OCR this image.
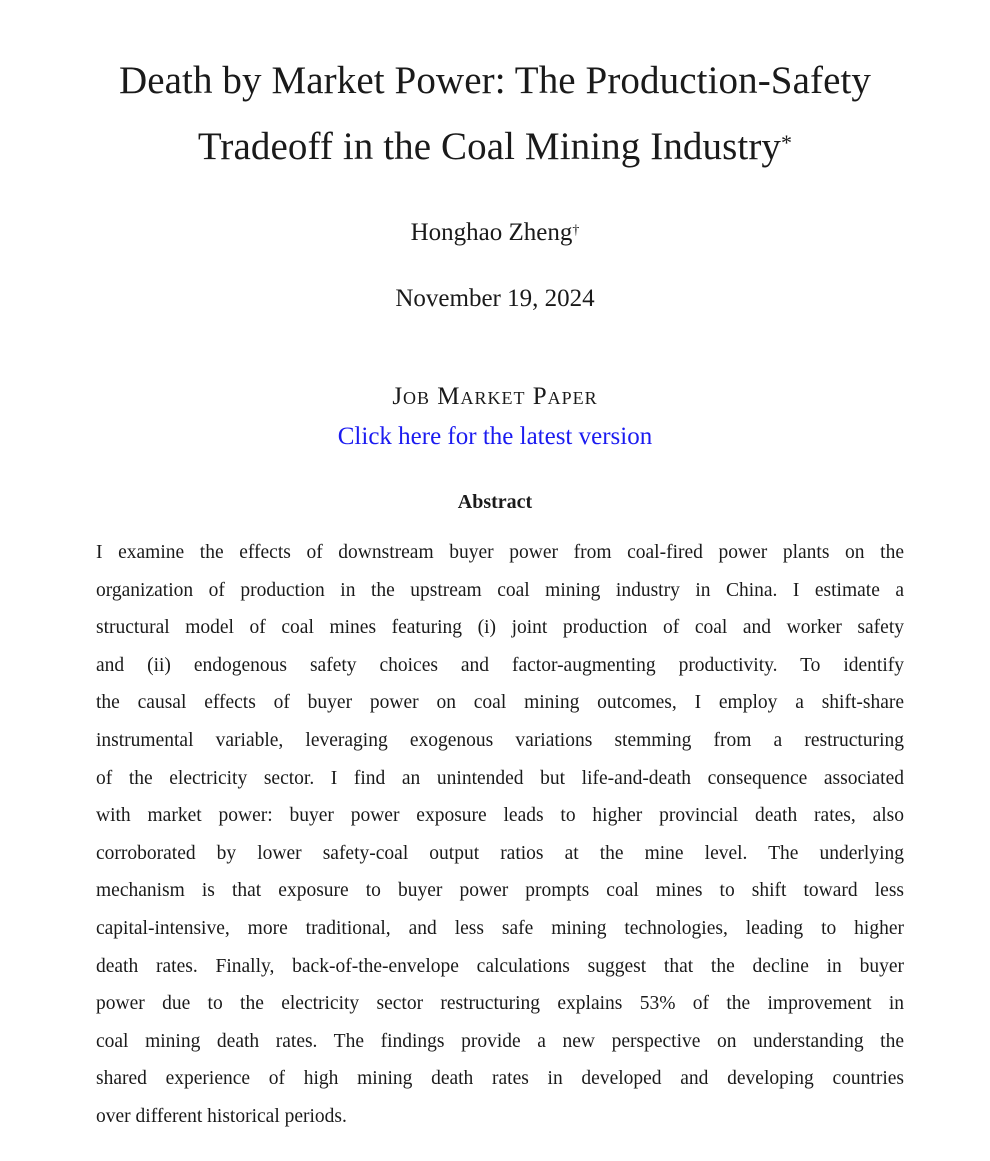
Death by Market Power: The Production-Safety
Tradeoff in the Coal Mining Industry*
Honghao Zheng†
November 19, 2024
Job Market Paper
Click here for the latest version
Abstract
I examine the effects of downstream buyer power from coal-fired power plants on the
organization of production in the upstream coal mining industry in China. I estimate a
structural model of coal mines featuring (i) joint production of coal and worker safety
and (ii) endogenous safety choices and factor-augmenting productivity. To identify
the causal effects of buyer power on coal mining outcomes, I employ a shift-share
instrumental variable, leveraging exogenous variations stemming from a restructuring
of the electricity sector. I find an unintended but life-and-death consequence associated
with market power: buyer power exposure leads to higher provincial death rates, also
corroborated by lower safety-coal output ratios at the mine level. The underlying
mechanism is that exposure to buyer power prompts coal mines to shift toward less
capital-intensive, more traditional, and less safe mining technologies, leading to higher
death rates. Finally, back-of-the-envelope calculations suggest that the decline in buyer
power due to the electricity sector restructuring explains 53% of the improvement in
coal mining death rates. The findings provide a new perspective on understanding the
shared experience of high mining death rates in developed and developing countries
over different historical periods.
